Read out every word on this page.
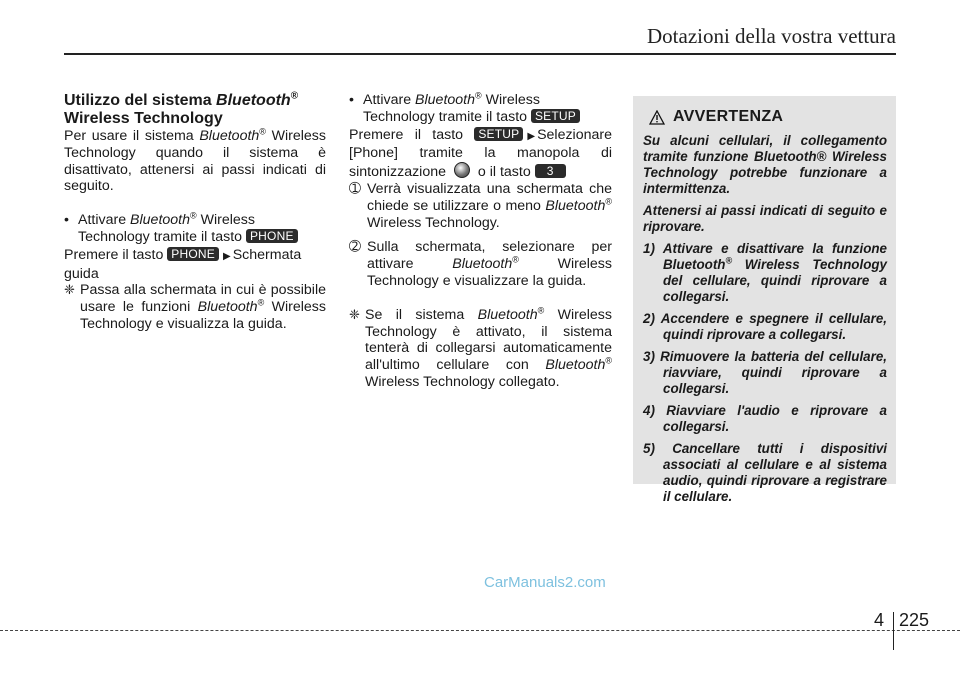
Dotazioni della vostra vettura

Utilizzo del sistema Bluetooth®
Wireless Technology

Per usare il sistema Bluetooth® Wireless Technology quando il sistema è disattivato, attenersi ai passi indicati di seguito.

• Attivare Bluetooth® Wireless Technology tramite il tasto PHONE

Premere il tasto PHONE ▶ Schermata guida

❈ Passa alla schermata in cui è possibile usare le funzioni Bluetooth® Wireless Technology e visualizza la guida.

• Attivare Bluetooth® Wireless Technology tramite il tasto SETUP

Premere il tasto SETUP ▶ Selezionare [Phone] tramite la manopola di sintonizzazione  o il tasto 3

➀ Verrà visualizzata una schermata che chiede se utilizzare o meno Bluetooth® Wireless Technology.

➁ Sulla schermata, selezionare per attivare Bluetooth® Wireless Technology e visualizzare la guida.

❈ Se il sistema Bluetooth® Wireless Technology è attivato, il sistema tenterà di collegarsi automaticamente all'ultimo cellulare con Bluetooth® Wireless Technology collegato.

AVVERTENZA

Su alcuni cellulari, il collegamento tramite funzione Bluetooth® Wireless Technology potrebbe funzionare a intermittenza.

Attenersi ai passi indicati di seguito e riprovare.

1) Attivare e disattivare la funzione Bluetooth® Wireless Technology del cellulare, quindi riprovare a collegarsi.

2) Accendere e spegnere il cellulare, quindi riprovare a collegarsi.

3) Rimuovere la batteria del cellulare, riavviare, quindi riprovare a collegarsi.

4) Riavviare l'audio e riprovare a collegarsi.

5) Cancellare tutti i dispositivi associati al cellulare e al sistema audio, quindi riprovare a registrare il cellulare.

CarManuals2.com
4 225
